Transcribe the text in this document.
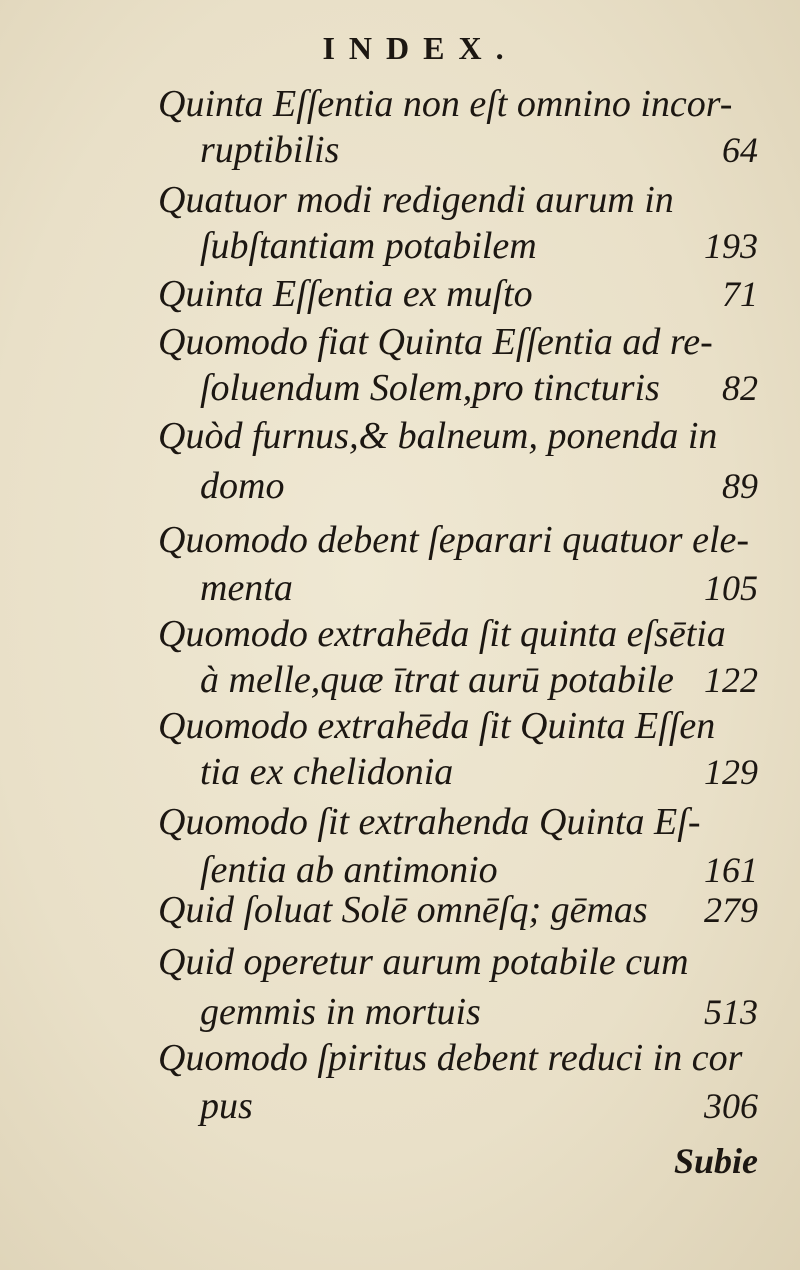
INDEX.
Quinta Eſſentia non eſt omnino incor-
ruptibilis	64
Quatuor modi redigendi aurum in
ſubſtantiam potabilem	193
Quinta Eſſentia ex muſto	71
Quomodo fiat Quinta Eſſentia ad re-
ſoluendum Solem,pro tincturis 82
Quòd furnus,& balneum, ponenda in
domo	89
Quomodo debent ſeparari quatuor ele-
menta	105
Quomodo extrahēda ſit quinta eſsētia
à melle,quæ ītrat aurū potabile 122
Quomodo extrahēda ſit Quinta Eſſen
tia ex chelidonia	129
Quomodo ſit extrahenda Quinta Eſ-
ſentia ab antimonio	161
Quid ſoluat Solē omnēſq; gēmas 279
Quid operetur aurum potabile cum
gemmis in mortuis	513
Quomodo ſpiritus debent reduci in cor
pus	306
Subie
